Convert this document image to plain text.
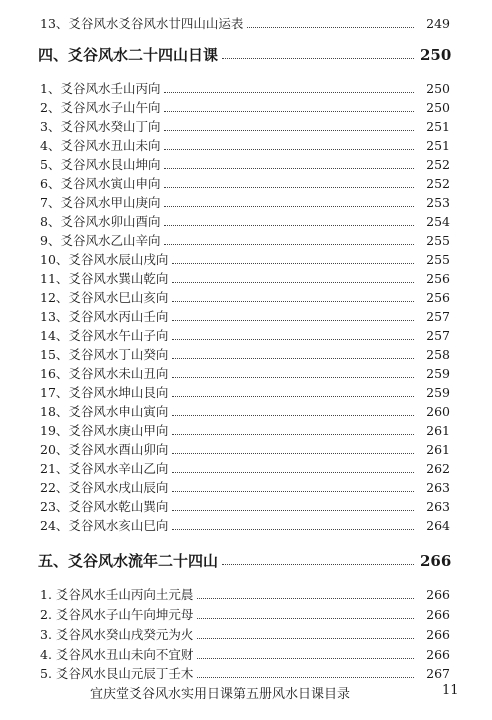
13、爻谷风水爻谷风水廿四山山运表	249
四、爻谷风水二十四山日课	250
1、爻谷风水壬山丙向	250
2、爻谷风水子山午向	250
3、爻谷风水癸山丁向	251
4、爻谷风水丑山未向	251
5、爻谷风水艮山坤向	252
6、爻谷风水寅山申向	252
7、爻谷风水甲山庚向	253
8、爻谷风水卯山酉向	254
9、爻谷风水乙山辛向	255
10、爻谷风水辰山戌向	255
11、爻谷风水巽山乾向	256
12、爻谷风水巳山亥向	256
13、爻谷风水丙山壬向	257
14、爻谷风水午山子向	257
15、爻谷风水丁山癸向	258
16、爻谷风水未山丑向	259
17、爻谷风水坤山艮向	259
18、爻谷风水申山寅向	260
19、爻谷风水庚山甲向	261
20、爻谷风水酉山卯向	261
21、爻谷风水辛山乙向	262
22、爻谷风水戌山辰向	263
23、爻谷风水乾山巽向	263
24、爻谷风水亥山巳向	264
五、爻谷风水流年二十四山	266
1. 爻谷风水壬山丙向土元晨	266
2. 爻谷风水子山午向坤元母	266
3. 爻谷风水癸山戌癸元为火	266
4. 爻谷风水丑山未向不宜财	266
5. 爻谷风水艮山元辰丁壬木	267
宜庆堂爻谷风水实用日课第五册风水日课目录	11
